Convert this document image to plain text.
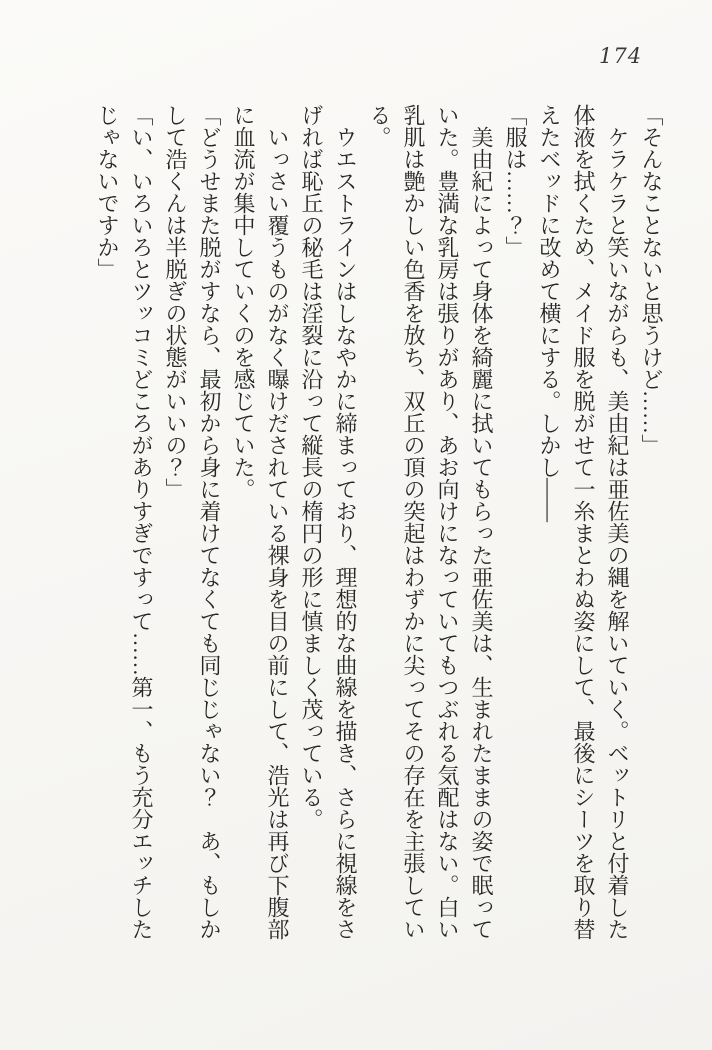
174
「そんなことないと思うけど……」
ケラケラと笑いながらも、美由紀は亜佐美の縄を解いていく。ベットリと付着した
体液を拭くため、メイド服を脱がせて一糸まとわぬ姿にして、最後にシーツを取り替
えたベッドに改めて横にする。しかし――
「服は……？」
美由紀によって身体を綺麗に拭いてもらった亜佐美は、生まれたままの姿で眠って
いた。豊満な乳房は張りがあり、あお向けになっていてもつぶれる気配はない。白い
乳肌は艶かしい色香を放ち、双丘の頂の突起はわずかに尖ってその存在を主張してい
る。
ウエストラインはしなやかに締まっており、理想的な曲線を描き、さらに視線をさ
げれば恥丘の秘毛は淫裂に沿って縦長の楕円の形に慎ましく茂っている。
いっさい覆うものがなく曝けだされている裸身を目の前にして、浩光は再び下腹部
に血流が集中していくのを感じていた。
「どうせまた脱がすなら、最初から身に着けてなくても同じじゃない？　あ、もしか
して浩くんは半脱ぎの状態がいいの？」
「い、いろいろとツッコミどころがありすぎですって……第一、もう充分エッチした
じゃないですか」
